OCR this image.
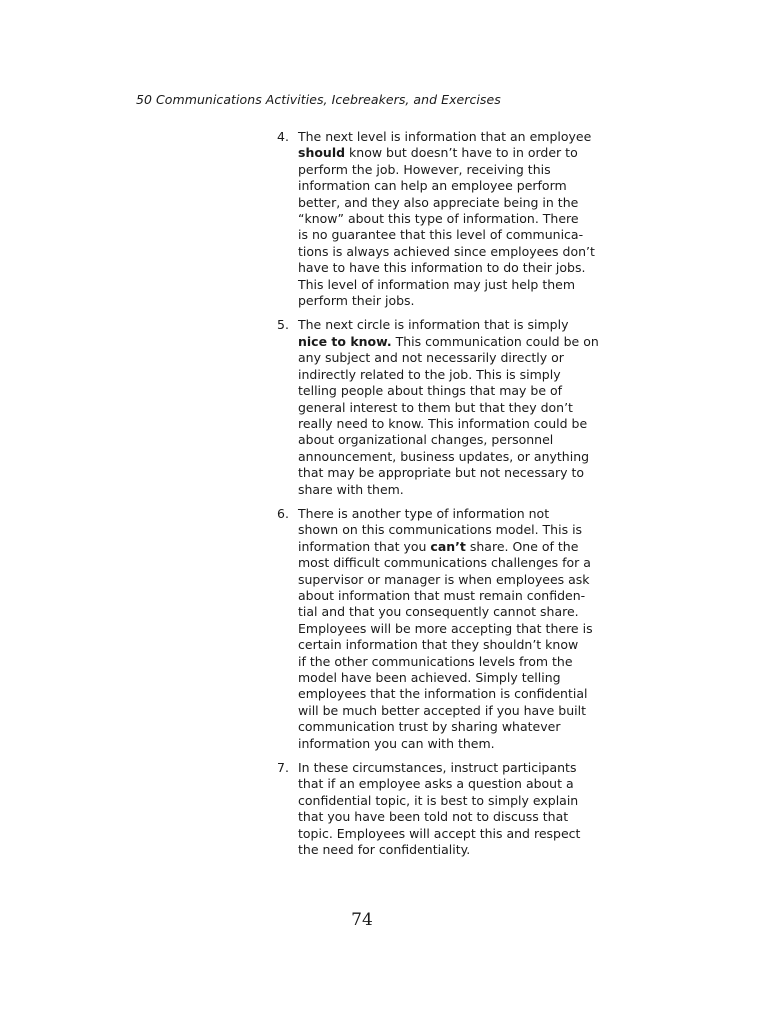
50 Communications Activities, Icebreakers, and Exercises
4. The next level is information that an employee
should know but doesn’t have to in order to
perform the job. However, receiving this
information can help an employee perform
better, and they also appreciate being in the
“know” about this type of information. There
is no guarantee that this level of communica-
tions is always achieved since employees don’t
have to have this information to do their jobs.
This level of information may just help them
perform their jobs.
5. The next circle is information that is simply
nice to know. This communication could be on
any subject and not necessarily directly or
indirectly related to the job. This is simply
telling people about things that may be of
general interest to them but that they don’t
really need to know. This information could be
about organizational changes, personnel
announcement, business updates, or anything
that may be appropriate but not necessary to
share with them.
6. There is another type of information not
shown on this communications model. This is
information that you can’t share. One of the
most difficult communications challenges for a
supervisor or manager is when employees ask
about information that must remain confiden-
tial and that you consequently cannot share.
Employees will be more accepting that there is
certain information that they shouldn’t know
if the other communications levels from the
model have been achieved. Simply telling
employees that the information is confidential
will be much better accepted if you have built
communication trust by sharing whatever
information you can with them.
7. In these circumstances, instruct participants
that if an employee asks a question about a
confidential topic, it is best to simply explain
that you have been told not to discuss that
topic. Employees will accept this and respect
the need for confidentiality.
74
